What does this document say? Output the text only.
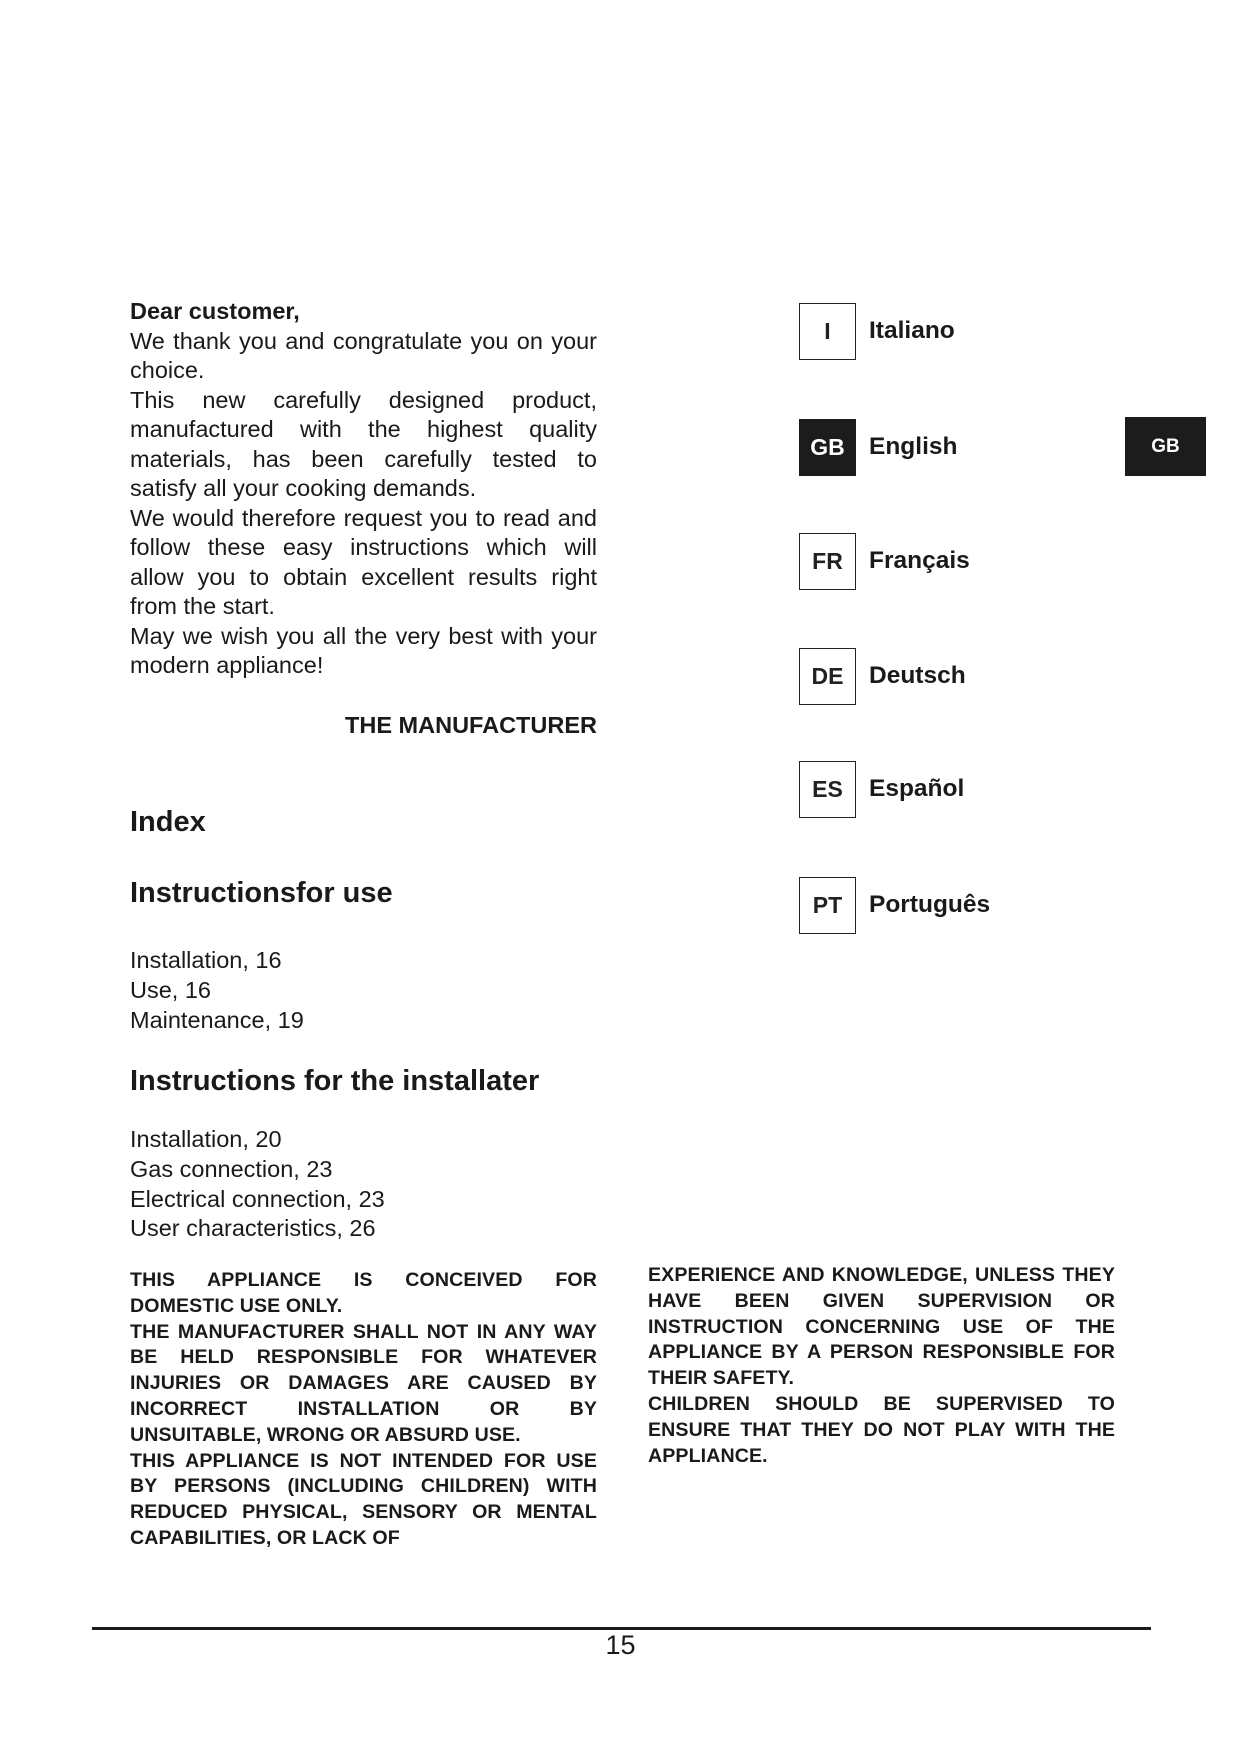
Dear customer,

We thank you and congratulate you on your choice.

This new carefully designed product, manufactured with the highest quality materials, has been carefully tested to satisfy all your cooking demands.

We would therefore request you to read and follow these easy instructions which will allow you to obtain excellent results right from the start.

May we wish you all the very best with your modern appliance!

THE MANUFACTURER

Index
Instructionsfor use
Installation, 16
Use, 16
Maintenance, 19
Instructions for the installater
Installation, 20
Gas connection, 23
Electrical connection, 23
User characteristics, 26
I	Italiano
GB English
FR	Français
DE	Deutsch
ES	Español
PT	Português
GB

THIS APPLIANCE IS CONCEIVED FOR DOMESTIC USE ONLY.

THE MANUFACTURER SHALL NOT IN ANY WAY BE HELD RESPONSIBLE FOR WHATEVER INJURIES OR DAMAGES ARE CAUSED BY INCORRECT INSTALLATION OR BY UNSUITABLE, WRONG OR ABSURD USE.

THIS APPLIANCE IS NOT INTENDED FOR USE BY PERSONS (INCLUDING CHILDREN) WITH REDUCED PHYSICAL, SENSORY OR MENTAL CAPABILITIES, OR LACK OF

EXPERIENCE AND KNOWLEDGE, UNLESS THEY HAVE BEEN GIVEN SUPERVISION OR INSTRUCTION CONCERNING USE OF THE APPLIANCE BY A PERSON RESPONSIBLE FOR THEIR SAFETY.

CHILDREN SHOULD BE SUPERVISED TO ENSURE THAT THEY DO NOT PLAY WITH THE APPLIANCE.

15
